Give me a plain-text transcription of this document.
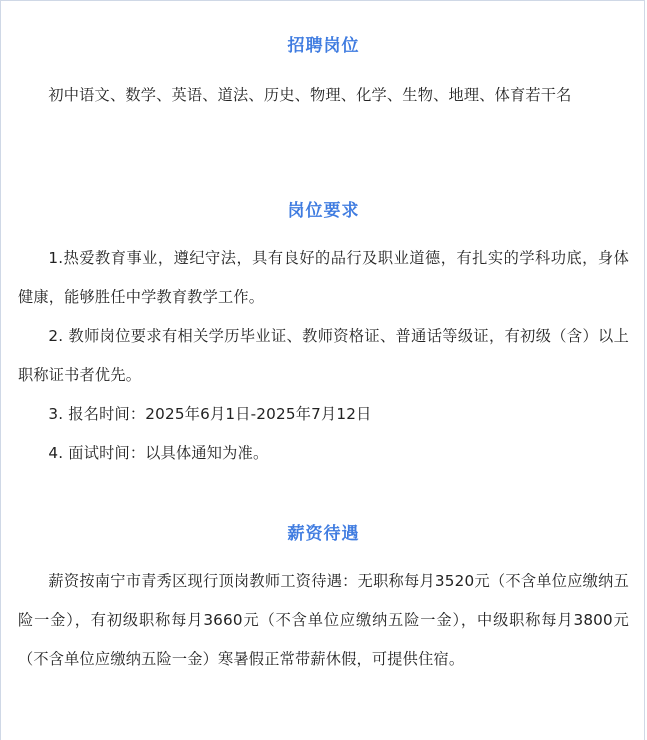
招聘岗位

初中语文、数学、英语、道法、历史、物理、化学、生物、地理、体育若干名

岗位要求

1.热爱教育事业，遵纪守法，具有良好的品行及职业道德，有扎实的学科功底，身体健康，能够胜任中学教育教学工作。

2. 教师岗位要求有相关学历毕业证、教师资格证、普通话等级证，有初级（含）以上职称证书者优先。

3. 报名时间：2025年6月1日-2025年7月12日

4. 面试时间：以具体通知为准。

薪资待遇

薪资按南宁市青秀区现行顶岗教师工资待遇：无职称每月3520元（不含单位应缴纳五险一金），有初级职称每月3660元（不含单位应缴纳五险一金），中级职称每月3800元（不含单位应缴纳五险一金）寒暑假正常带薪休假，可提供住宿。
